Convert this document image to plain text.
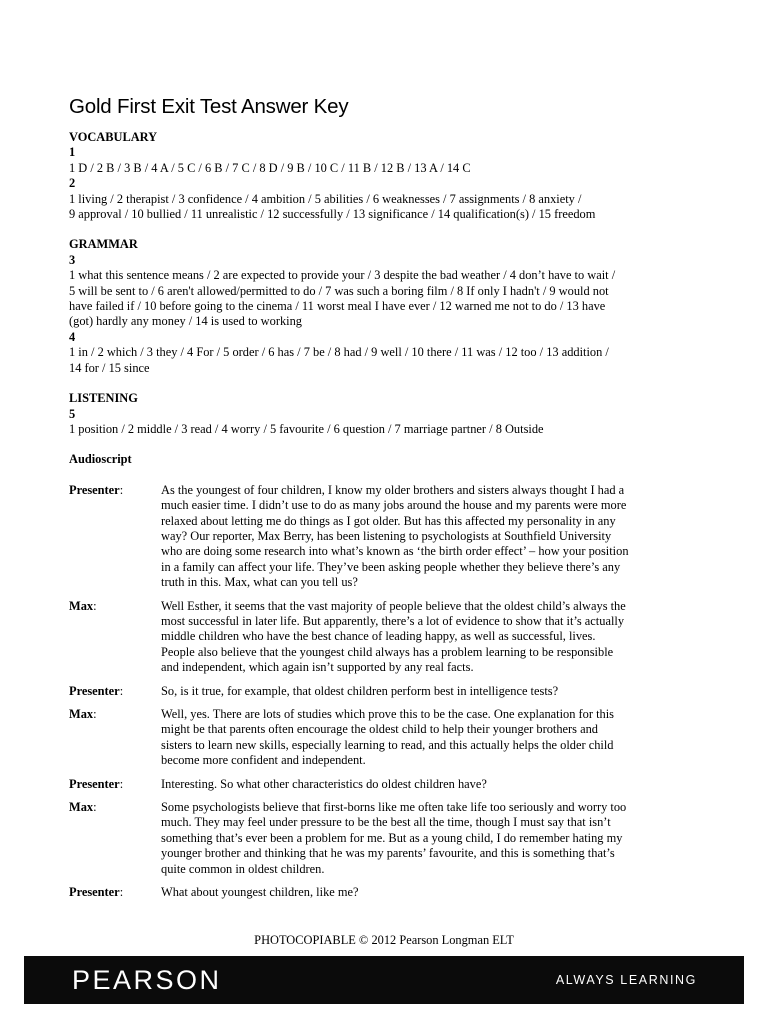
Gold First Exit Test Answer Key
VOCABULARY
1
1 D / 2 B / 3 B / 4 A / 5 C / 6 B / 7 C / 8 D / 9 B / 10 C / 11 B / 12 B / 13 A / 14 C
2
1 living / 2 therapist / 3 confidence / 4 ambition / 5 abilities / 6 weaknesses / 7 assignments / 8 anxiety /
9 approval / 10 bullied / 11 unrealistic / 12 successfully / 13 significance / 14 qualification(s) / 15 freedom
GRAMMAR
3
1 what this sentence means / 2 are expected to provide your / 3 despite the bad weather / 4 don’t have to wait /
5 will be sent to / 6 aren't allowed/permitted to do / 7 was such a boring film / 8 If only I hadn't / 9 would not
have failed if / 10 before going to the cinema / 11 worst meal I have ever / 12 warned me not to do / 13 have
(got) hardly any money / 14 is used to working
4
1 in / 2 which / 3 they / 4 For / 5 order / 6 has / 7 be / 8 had / 9 well / 10 there / 11 was / 12 too / 13 addition /
14 for / 15 since
LISTENING
5
1 position / 2 middle / 3 read / 4 worry / 5 favourite / 6 question / 7 marriage partner / 8 Outside
Audioscript
Presenter:	As the youngest of four children, I know my older brothers and sisters always thought I had a
much easier time. I didn’t use to do as many jobs around the house and my parents were more
relaxed about letting me do things as I got older. But has this affected my personality in any
way? Our reporter, Max Berry, has been listening to psychologists at Southfield University
who are doing some research into what’s known as ‘the birth order effect’ – how your position
in a family can affect your life. They’ve been asking people whether they believe there’s any
truth in this. Max, what can you tell us?
Max:	Well Esther, it seems that the vast majority of people believe that the oldest child’s always the
most successful in later life. But apparently, there’s a lot of evidence to show that it’s actually
middle children who have the best chance of leading happy, as well as successful, lives.
People also believe that the youngest child always has a problem learning to be responsible
and independent, which again isn’t supported by any real facts.
Presenter:	So, is it true, for example, that oldest children perform best in intelligence tests?
Max:	Well, yes. There are lots of studies which prove this to be the case. One explanation for this
might be that parents often encourage the oldest child to help their younger brothers and
sisters to learn new skills, especially learning to read, and this actually helps the older child
become more confident and independent.
Presenter:	Interesting. So what other characteristics do oldest children have?
Max:	Some psychologists believe that first-borns like me often take life too seriously and worry too
much. They may feel under pressure to be the best all the time, though I must say that isn’t
something that’s ever been a problem for me. But as a young child, I do remember hating my
younger brother and thinking that he was my parents’ favourite, and this is something that’s
quite common in oldest children.
Presenter:	What about youngest children, like me?
PHOTOCOPIABLE © 2012 Pearson Longman ELT
PEARSON	ALWAYS LEARNING
